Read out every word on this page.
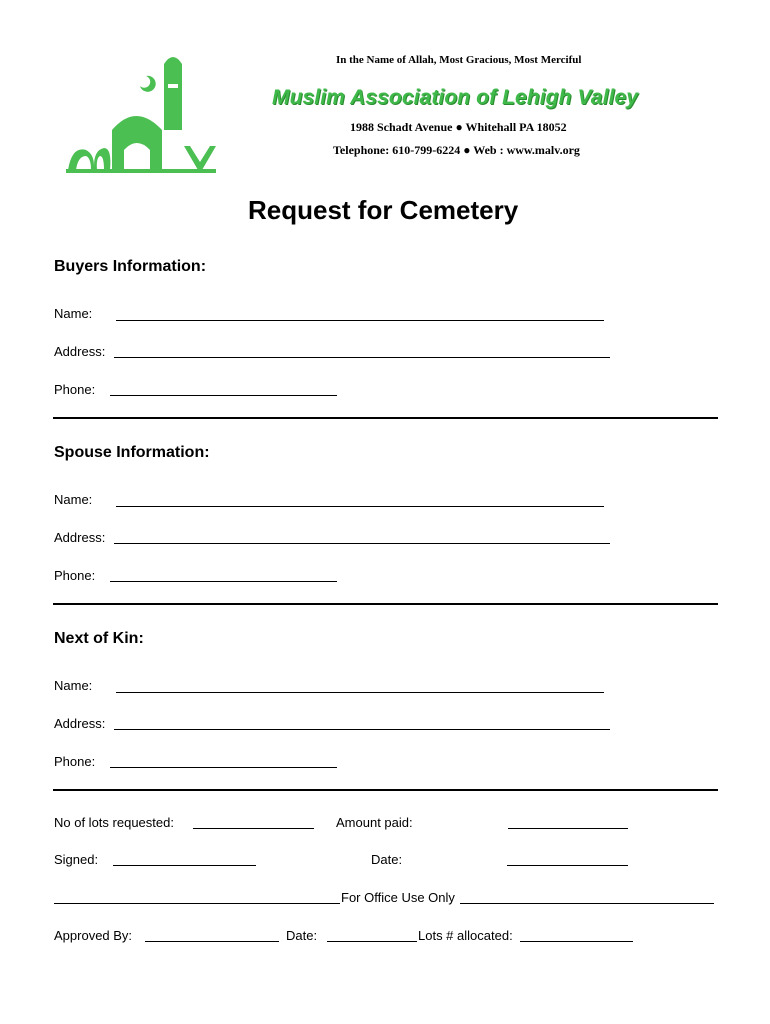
In the Name of Allah, Most Gracious, Most Merciful
Muslim Association of Lehigh Valley
1988 Schadt Avenue ● Whitehall PA 18052
Telephone: 610-799-6224 ● Web : www.malv.org
Request for Cemetery
Buyers Information:
Name:
Address:
Phone:
Spouse Information:
Name:
Address:
Phone:
Next of Kin:
Name:
Address:
Phone:
No of lots requested:	Amount paid:
Signed:	Date:
For Office Use Only
Approved By:	Date:	Lots # allocated:
